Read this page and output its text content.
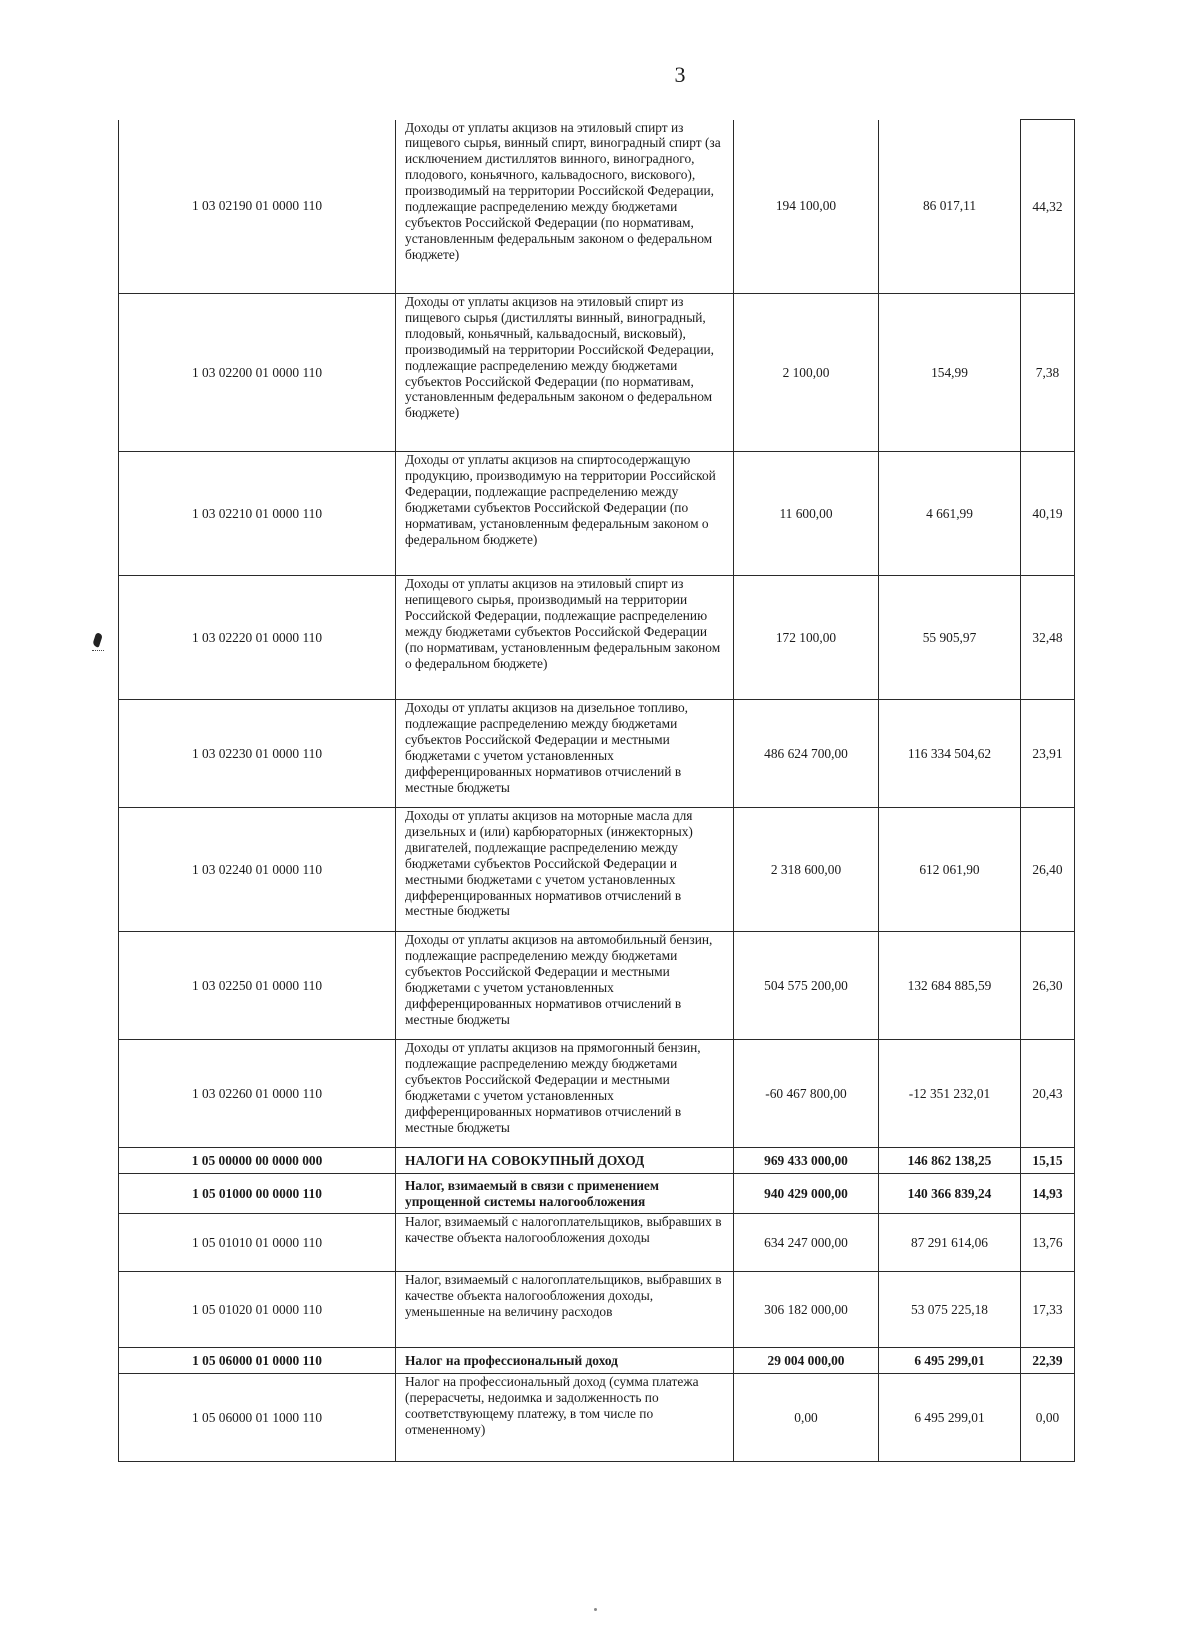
3
1 03 02190 01 0000 110	Доходы от уплаты акцизов на этиловый спирт из пищевого сырья, винный спирт, виноградный спирт (за исключением дистиллятов винного, виноградного, плодового, коньячного, кальвадосного, вискового), производимый на территории Российской Федерации, подлежащие распределению между бюджетами субъектов Российской Федерации (по нормативам, установленным федеральным законом о федеральном бюджете)	194 100,00	86 017,11	44,32
1 03 02200 01 0000 110	Доходы от уплаты акцизов на этиловый спирт из пищевого сырья (дистилляты винный, виноградный, плодовый, коньячный, кальвадосный, висковый), производимый на территории Российской Федерации, подлежащие распределению между бюджетами субъектов Российской Федерации (по нормативам, установленным федеральным законом о федеральном бюджете)	2 100,00	154,99	7,38
1 03 02210 01 0000 110	Доходы от уплаты акцизов на спиртосодержащую продукцию, производимую на территории Российской Федерации, подлежащие распределению между бюджетами субъектов Российской Федерации (по нормативам, установленным федеральным законом о федеральном бюджете)	11 600,00	4 661,99	40,19
1 03 02220 01 0000 110	Доходы от уплаты акцизов на этиловый спирт из непищевого сырья, производимый на территории Российской Федерации, подлежащие распределению между бюджетами субъектов Российской Федерации (по нормативам, установленным федеральным законом о федеральном бюджете)	172 100,00	55 905,97	32,48
1 03 02230 01 0000 110	Доходы от уплаты акцизов на дизельное топливо, подлежащие распределению между бюджетами субъектов Российской Федерации и местными бюджетами с учетом установленных дифференцированных нормативов отчислений в местные бюджеты	486 624 700,00	116 334 504,62	23,91
1 03 02240 01 0000 110	Доходы от уплаты акцизов на моторные масла для дизельных и (или) карбюраторных (инжекторных) двигателей, подлежащие распределению между бюджетами субъектов Российской Федерации и местными бюджетами с учетом установленных дифференцированных нормативов отчислений в местные бюджеты	2 318 600,00	612 061,90	26,40
1 03 02250 01 0000 110	Доходы от уплаты акцизов на автомобильный бензин, подлежащие распределению между бюджетами субъектов Российской Федерации и местными бюджетами с учетом установленных дифференцированных нормативов отчислений в местные бюджеты	504 575 200,00	132 684 885,59	26,30
1 03 02260 01 0000 110	Доходы от уплаты акцизов на прямогонный бензин, подлежащие распределению между бюджетами субъектов Российской Федерации и местными бюджетами с учетом установленных дифференцированных нормативов отчислений в местные бюджеты	-60 467 800,00	-12 351 232,01	20,43
1 05 00000 00 0000 000	НАЛОГИ НА СОВОКУПНЫЙ ДОХОД	969 433 000,00	146 862 138,25	15,15
1 05 01000 00 0000 110	Налог, взимаемый в связи с применением упрощенной системы налогообложения	940 429 000,00	140 366 839,24	14,93
1 05 01010 01 0000 110	Налог, взимаемый с налогоплательщиков, выбравших в качестве объекта налогообложения доходы	634 247 000,00	87 291 614,06	13,76
1 05 01020 01 0000 110	Налог, взимаемый с налогоплательщиков, выбравших в качестве объекта налогообложения доходы, уменьшенные на величину расходов	306 182 000,00	53 075 225,18	17,33
1 05 06000 01 0000 110	Налог на профессиональный доход	29 004 000,00	6 495 299,01	22,39
1 05 06000 01 1000 110	Налог на профессиональный доход (сумма платежа (перерасчеты, недоимка и задолженность по соответствующему платежу, в том числе по отмененному)	0,00	6 495 299,01	0,00
